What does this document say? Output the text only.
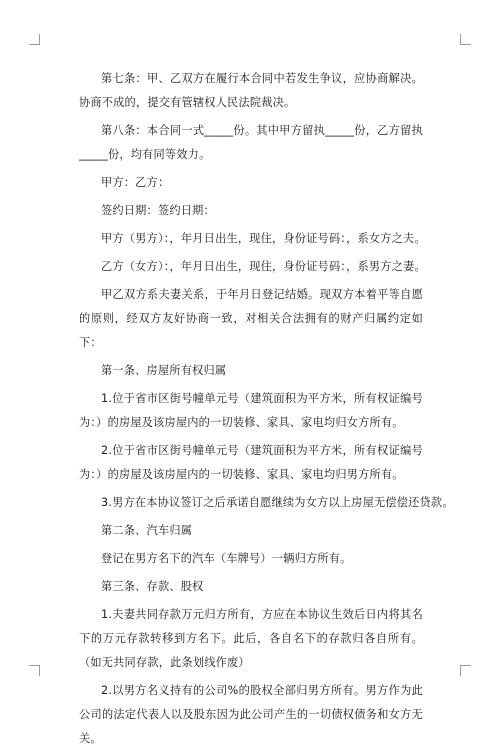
第七条：甲、乙双方在履行本合同中若发生争议，应协商解决。协商不成的，提交有管辖权人民法院裁决。

第八条：本合同一式_____份。其中甲方留执_____份，乙方留执_____份，均有同等效力。

甲方：乙方：

签约日期：签约日期：

甲方（男方）：，年月日出生，现住，身份证号码：，系女方之夫。

乙方（女方）：，年月日出生，现住，身份证号码：，系男方之妻。

甲乙双方系夫妻关系，于年月日登记结婚。现双方本着平等自愿的原则，经双方友好协商一致，对相关合法拥有的财产归属约定如下：

第一条、房屋所有权归属

1.位于省市区街号幢单元号（建筑面积为平方米，所有权证编号为：）的房屋及该房屋内的一切装修、家具、家电均归女方所有。

2.位于省市区街号幢单元号（建筑面积为平方米，所有权证编号为：）的房屋及该房屋内的一切装修、家具、家电均归男方所有。

3.男方在本协议签订之后承诺自愿继续为女方以上房屋无偿偿还贷款。

第二条、汽车归属

登记在男方名下的汽车（车牌号）一辆归方所有。

第三条、存款、股权

1.夫妻共同存款万元归方所有，方应在本协议生效后日内将其名下的万元存款转移到方名下。此后，各自名下的存款归各自所有。（如无共同存款，此条划线作废）

2.以男方名义持有的公司%的股权全部归男方所有。男方作为此公司的法定代表人以及股东因为此公司产生的一切债权债务和女方无关。
